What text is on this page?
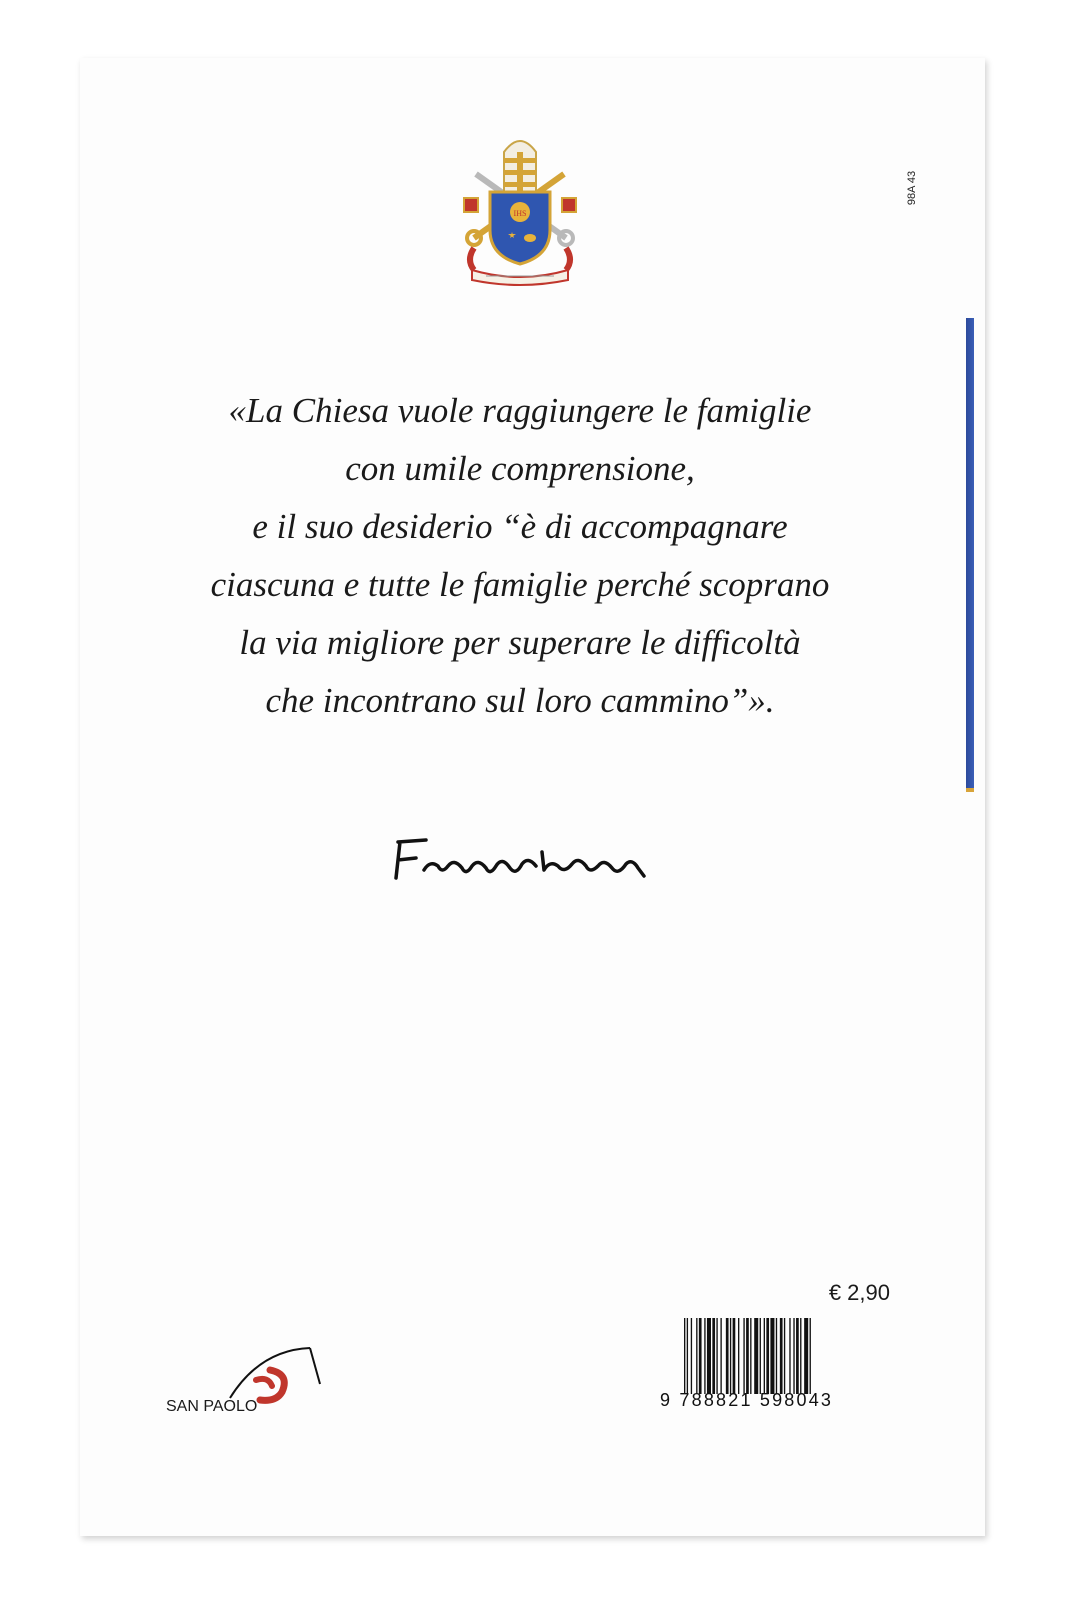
98A 43
IHS
«La Chiesa vuole raggiungere le famiglie
con umile comprensione,
e il suo desiderio “è di accompagnare
ciascuna e tutte le famiglie perché scoprano
la via migliore per superare le difficoltà
che incontrano sul loro cammino”».
€ 2,90
9 788821 598043
SAN PAOLO
